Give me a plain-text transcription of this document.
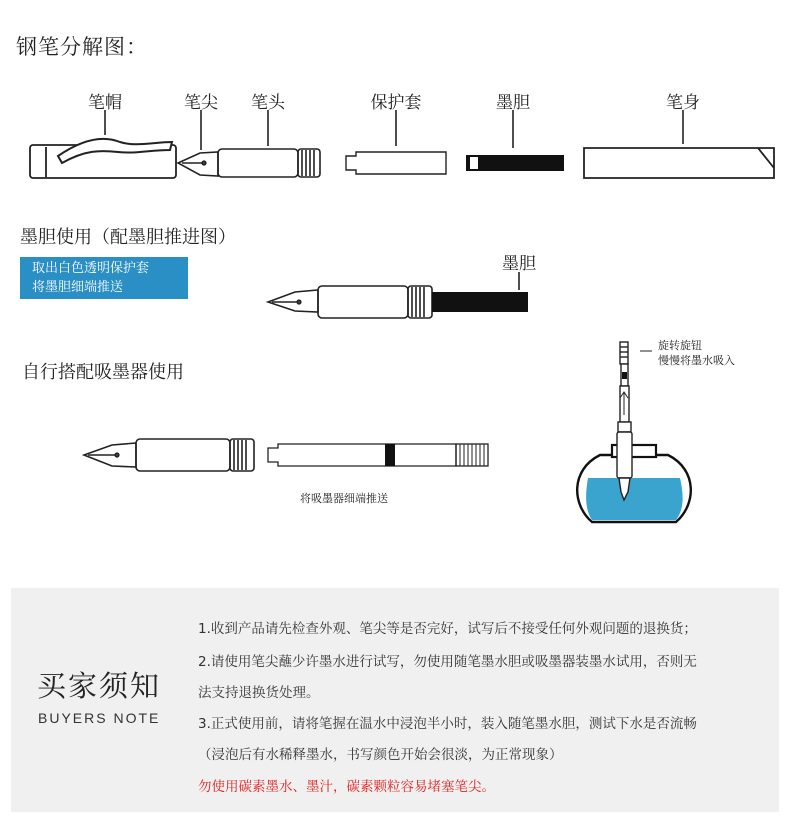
钢笔分解图：
笔帽	笔尖 笔头	保护套	墨胆	笔身
墨胆使用（配墨胆推进图）
取出白色透明保护套
将墨胆细端推送
墨胆
自行搭配吸墨器使用
将吸墨器细端推送
旋转旋钮
慢慢将墨水吸入
买家须知
BUYERS NOTE
1.收到产品请先检查外观、笔尖等是否完好，试写后不接受任何外观问题的退换货；
2.请使用笔尖蘸少许墨水进行试写，勿使用随笔墨水胆或吸墨器装墨水试用，否则无
法支持退换货处理。
3.正式使用前，请将笔握在温水中浸泡半小时，装入随笔墨水胆，测试下水是否流畅
（浸泡后有水稀释墨水，书写颜色开始会很淡，为正常现象）
勿使用碳素墨水、墨汁，碳素颗粒容易堵塞笔尖。
